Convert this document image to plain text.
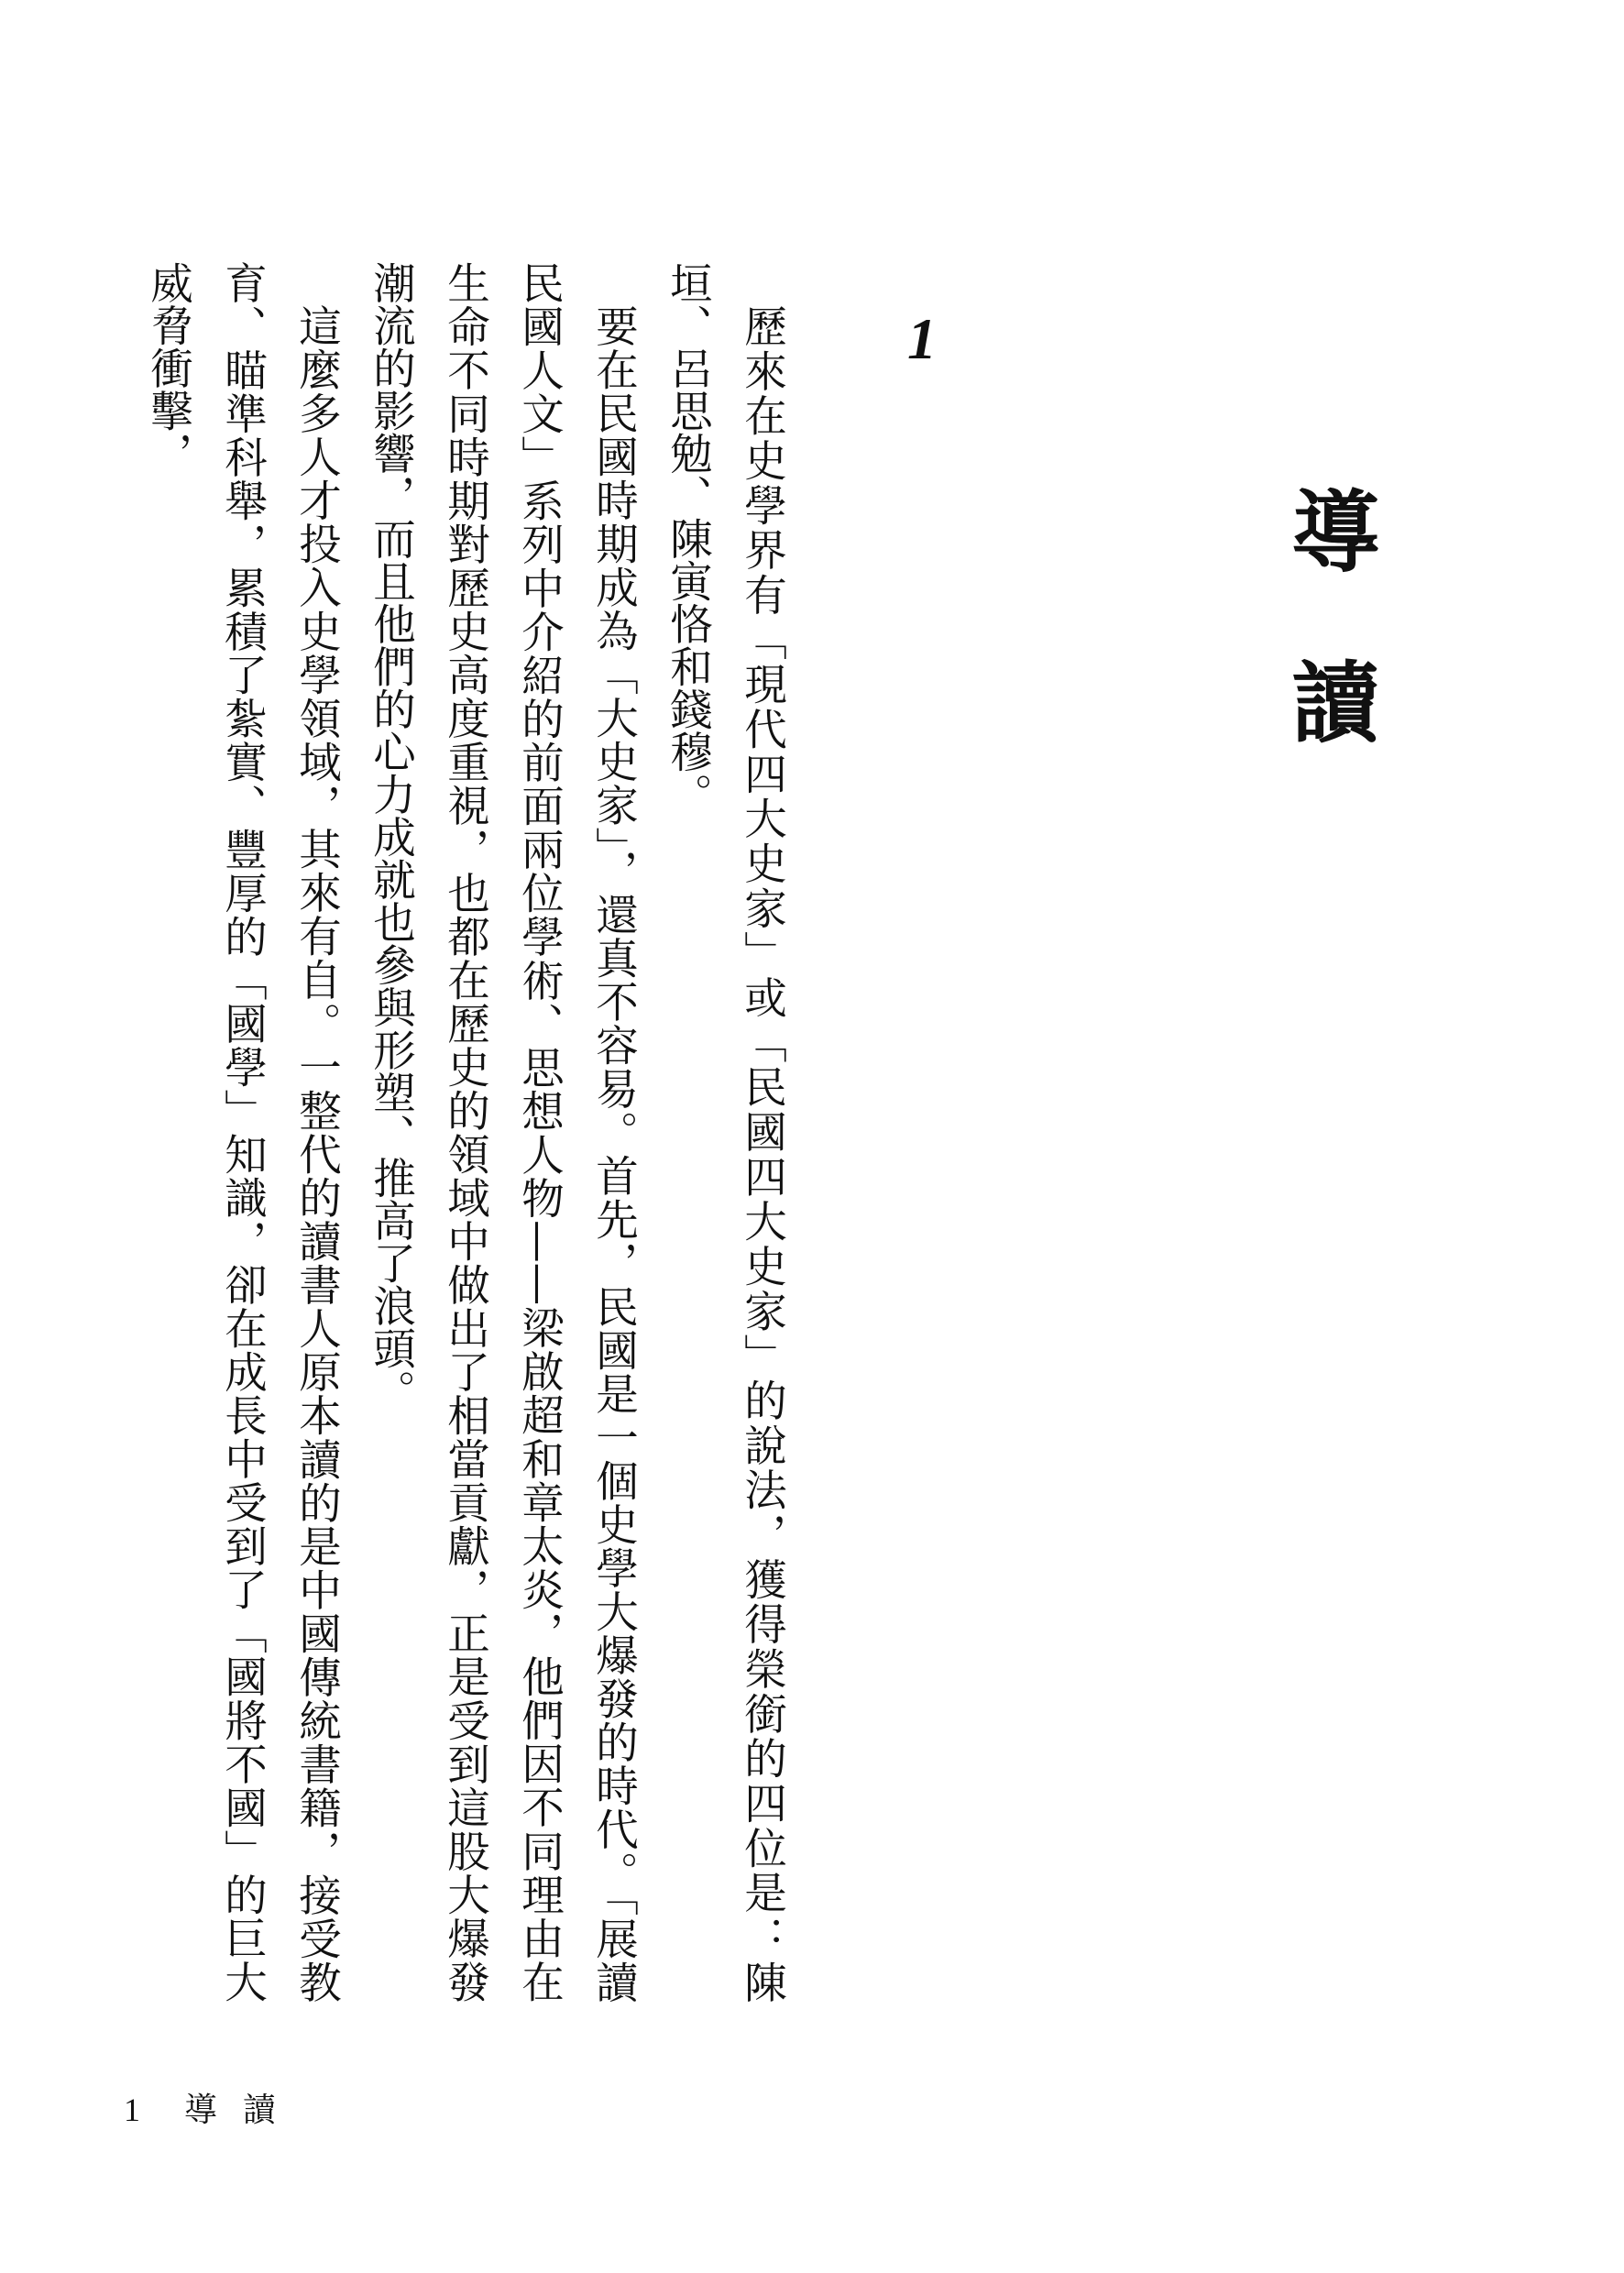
導讀
1

歷來在史學界有「現代四大史家」或「民國四大史家」的說法，獲得榮銜的四位是：陳垣、呂思勉、陳寅恪和錢穆。

要在民國時期成為「大史家」，還真不容易。首先，民國是一個史學大爆發的時代。「展讀民國人文」系列中介紹的前面兩位學術、思想人物——梁啟超和章太炎，他們因不同理由在生命不同時期對歷史高度重視，也都在歷史的領域中做出了相當貢獻，正是受到這股大爆發潮流的影響，而且他們的心力成就也參與形塑、推高了浪頭。

這麼多人才投入史學領域，其來有自。一整代的讀書人原本讀的是中國傳統書籍，接受教育、瞄準科舉，累積了紮實、豐厚的「國學」知識，卻在成長中受到了「國將不國」的巨大威脅衝擊，

1 導讀
